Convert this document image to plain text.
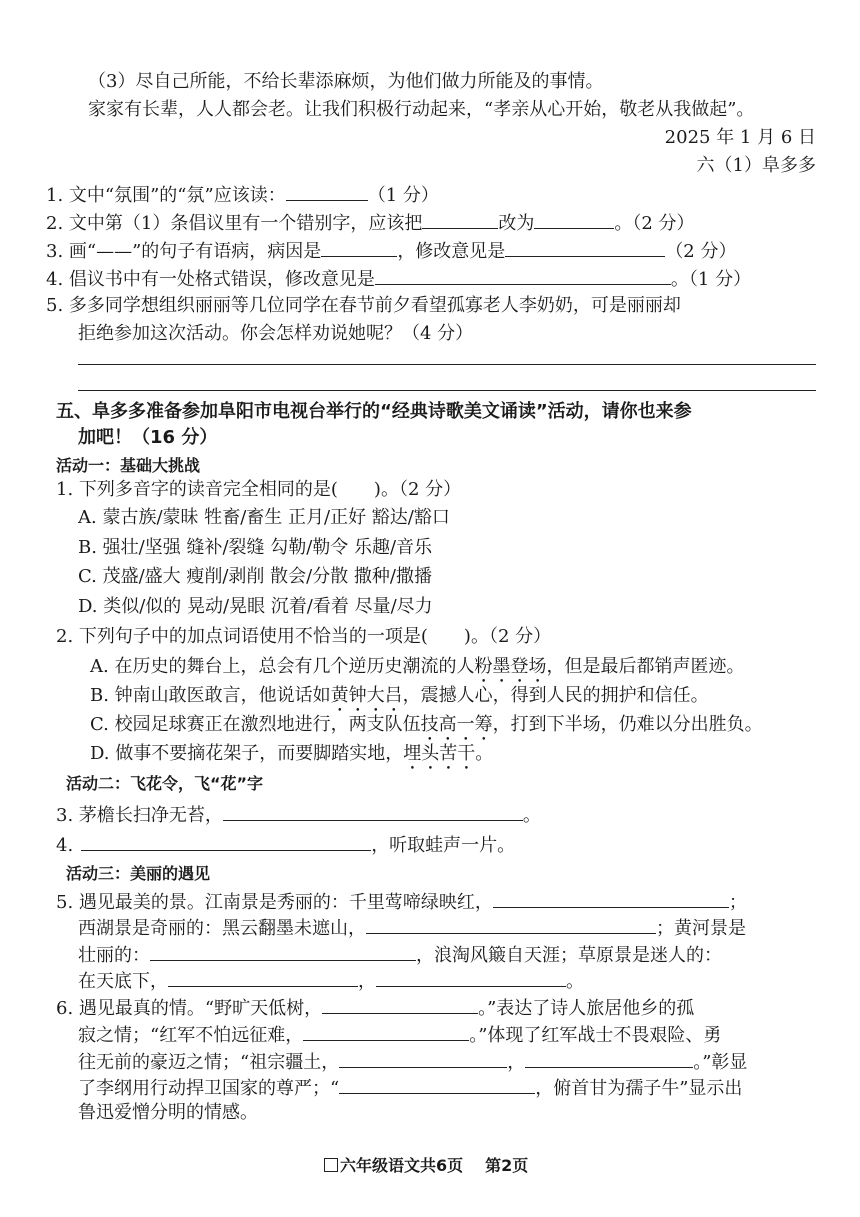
（3）尽自己所能，不给长辈添麻烦，为他们做力所能及的事情。
家家有长辈，人人都会老。让我们积极行动起来，“孝亲从心开始，敬老从我做起”。
2025 年 1 月 6 日
六（1）阜多多
1. 文中“氛围”的“氛”应该读：	（1 分）
2. 文中第（1）条倡议里有一个错别字，应该把	改为	。（2 分）
3. 画“——”的句子有语病，病因是	，修改意见是	（2 分）
4. 倡议书中有一处格式错误，修改意见是	。（1 分）
5. 多多同学想组织丽丽等几位同学在春节前夕看望孤寡老人李奶奶，可是丽丽却
拒绝参加这次活动。你会怎样劝说她呢？（4 分）
五、阜多多准备参加阜阳市电视台举行的“经典诗歌美文诵读”活动，请你也来参
加吧！（16 分）
活动一：基础大挑战
1. 下列多音字的读音完全相同的是(　　)。（2 分）
A. 蒙古族/蒙昧 牲畜/畜生 正月/正好 豁达/豁口
B. 强壮/坚强 缝补/裂缝 勾勒/勒令 乐趣/音乐
C. 茂盛/盛大 瘦削/剥削 散会/分散 撒种/撒播
D. 类似/似的 晃动/晃眼 沉着/看着 尽量/尽力
2. 下列句子中的加点词语使用不恰当的一项是(　　)。（2 分）
A. 在历史的舞台上，总会有几个逆历史潮流的人粉墨登场，但是最后都销声匿迹。
B. 钟南山敢医敢言，他说话如黄钟大吕，震撼人心，得到人民的拥护和信任。
C. 校园足球赛正在激烈地进行，两支队伍技高一筹，打到下半场，仍难以分出胜负。
D. 做事不要摘花架子，而要脚踏实地，埋头苦干。
活动二：飞花令，飞“花”字
3. 茅檐长扫净无苔，	。
4.	，听取蛙声一片。
活动三：美丽的遇见
5. 遇见最美的景。江南景是秀丽的：千里莺啼绿映红，	；
西湖景是奇丽的：黑云翻墨未遮山，	；黄河景是
壮丽的：	，浪淘风簸自天涯；草原景是迷人的：
在天底下，	，	。
6. 遇见最真的情。“野旷天低树，	。”表达了诗人旅居他乡的孤
寂之情；“红军不怕远征难，	。”体现了红军战士不畏艰险、勇
往无前的豪迈之情；“祖宗疆土，	，	。”彰显
了李纲用行动捍卫国家的尊严；“	，俯首甘为孺子牛”显示出
鲁迅爱憎分明的情感。
六年级语文共6页 第2页
